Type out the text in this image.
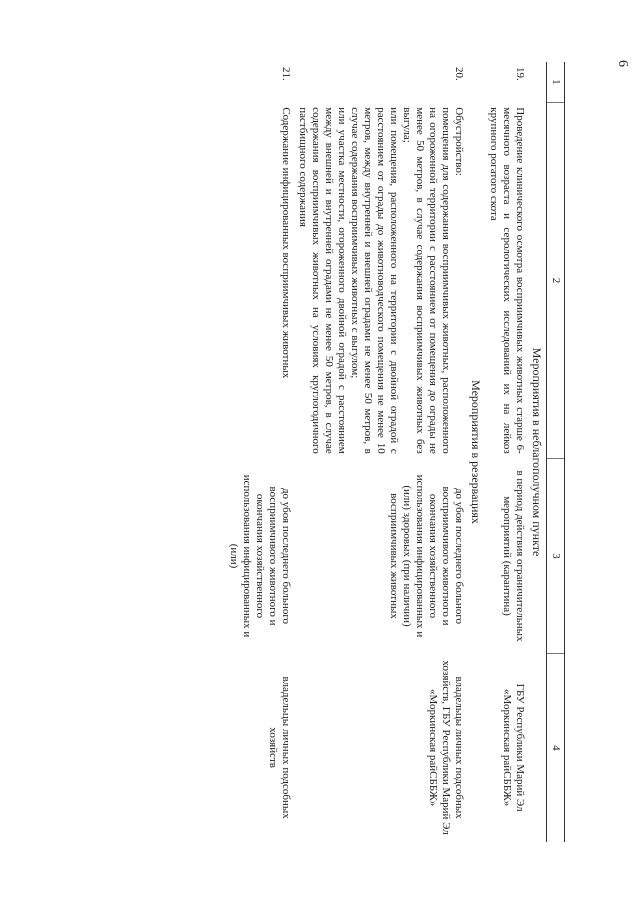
6
1	2	3	4
Мероприятия в неблагополучном пункте			
19.	Проведение клинического осмотра восприимчивых животных старше 6-месячного возраста и серологических исследований их на лейкоз крупного рогатого скота	в период действия ограничительных мероприятий (карантина)	ГБУ Республики Марий Эл «Моркинская райСББЖ»
Мероприятия в резервациях			
20.	Обустройство:
помещения для содержания восприимчивых животных, расположенного на огороженной территории с расстоянием от помещения до ограды не менее 50 метров, в случае содержания восприимчивых животных без выгула;
или помещения, расположенного на территории с двойной оградой с расстоянием от ограды до животноводческого помещения не менее 10 метров, между внутренней и внешней оградами не менее 50 метров, в случае содержания восприимчивых животных с выгулом;
или участка местности, огороженного двойной оградой с расстоянием между внешней и внутренней оградами не менее 50 метров, в случае содержания восприимчивых животных на условиях круглогодичного пастбищного содержания	до убоя последнего больного восприимчивого животного и окончания хозяйственного использования инфицированных и (или) здоровых (при наличии) восприимчивых животных	владельцы личных подсобных хозяйств, ГБУ Республики Марий Эл «Моркинская райСББЖ»
21.	Содержание инфицированных восприимчивых животных	до убоя последнего больного восприимчивого животного и окончания хозяйственного использования инфицированных и (или)	владельцы личных подсобных хозяйств
